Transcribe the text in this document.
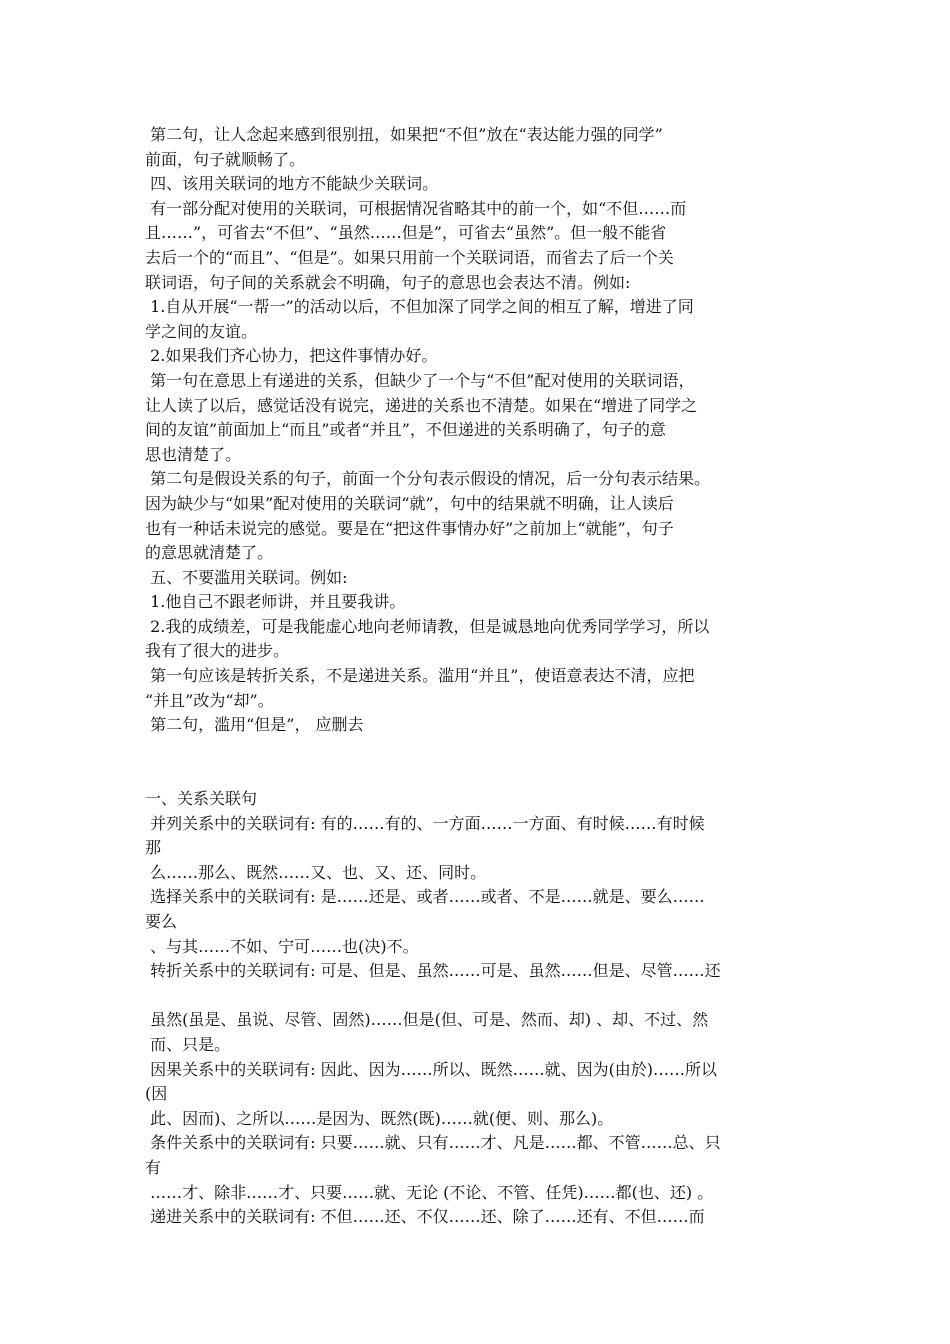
第二句，让人念起来感到很别扭，如果把“不但”放在“表达能力强的同学”
前面，句子就顺畅了。
四、该用关联词的地方不能缺少关联词。
有一部分配对使用的关联词，可根据情况省略其中的前一个，如“不但……而
且……”，可省去“不但”、“虽然……但是”，可省去“虽然”。但一般不能省
去后一个的“而且”、“但是”。如果只用前一个关联词语，而省去了后一个关
联词语，句子间的关系就会不明确，句子的意思也会表达不清。例如:
1.自从开展“一帮一”的活动以后，不但加深了同学之间的相互了解，增进了同
学之间的友谊。
2.如果我们齐心协力，把这件事情办好。
第一句在意思上有递进的关系，但缺少了一个与“不但”配对使用的关联词语，
让人读了以后，感觉话没有说完，递进的关系也不清楚。如果在“增进了同学之
间的友谊”前面加上“而且”或者“并且”，不但递进的关系明确了，句子的意
思也清楚了。
第二句是假设关系的句子，前面一个分句表示假设的情况，后一分句表示结果。
因为缺少与“如果”配对使用的关联词“就”，句中的结果就不明确，让人读后
也有一种话未说完的感觉。要是在“把这件事情办好”之前加上“就能”，句子
的意思就清楚了。
五、不要滥用关联词。例如:
1.他自己不跟老师讲，并且要我讲。
2.我的成绩差，可是我能虚心地向老师请教，但是诚恳地向优秀同学学习，所以
我有了很大的进步。
第一句应该是转折关系，不是递进关系。滥用“并且”，使语意表达不清，应把
“并且”改为“却”。
第二句，滥用“但是”， 应删去
一、关系关联句
并列关系中的关联词有: 有的……有的、一方面……一方面、有时候……有时候
那
么……那么、既然……又、也、又、还、同时。
选择关系中的关联词有: 是……还是、或者……或者、不是……就是、要么……
要么
、与其……不如、宁可……也(决)不。
转折关系中的关联词有: 可是、但是、虽然……可是、虽然……但是、尽管……还
虽然(虽是、虽说、尽管、固然)……但是(但、可是、然而、却) 、却、不过、然
而、只是。
因果关系中的关联词有: 因此、因为……所以、既然……就、因为(由於)……所以
(因
此、因而)、之所以……是因为、既然(既)……就(便、则、那么)。
条件关系中的关联词有: 只要……就、只有……才、凡是……都、不管……总、只
有
……才、除非……才、只要……就、无论 (不论、不管、任凭)……都(也、还) 。
递进关系中的关联词有: 不但……还、不仅……还、除了……还有、不但……而
